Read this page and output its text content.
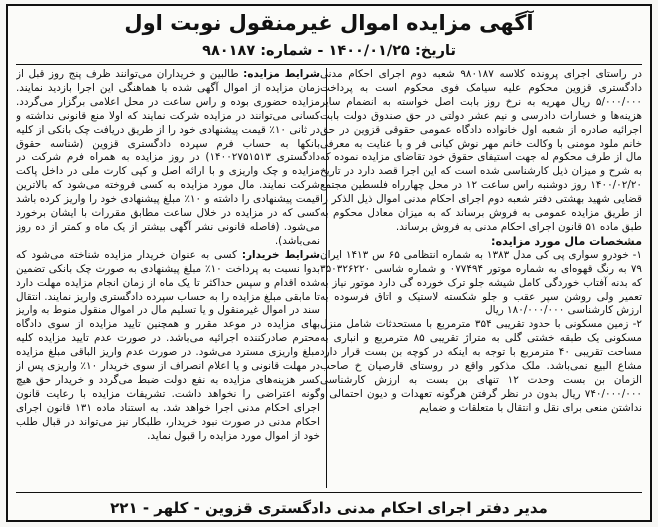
آگهی مزایده اموال غیرمنقول نوبت اول
تاریخ: ۱۴۰۰/۰۱/۲۵ - شماره: ۹۸۰۱۸۷

در راستای اجرای پرونده کلاسه ۹۸۰۱۸۷ شعبه دوم اجرای احکام مدنی دادگستری قزوین محکوم علیه سیامک فوی محکوم است به پرداخت ۵/۰۰۰/۰۰۰ ریال مهریه به نرخ روز بابت اصل خواسته به انضمام سایر هزینه‌ها و خسارات دادرسی و نیم عشر دولتی در حق صندوق دولت بابت اجرائیه صادره از شعبه اول خانواده دادگاه عمومی حقوقی قزوین در حق خانم ملود مومنی با وکالت خانم مهر نوش کیانی فر و با عنایت به معرفی مال از طرف محکوم له جهت استیفای حقوق خود تقاضای مزایده نموده که به شرح و میزان ذیل کارشناسی شده است که این اجرا قصد دارد در تاریخ ۱۴۰۰/۰۲/۲۰ روز دوشنبه راس ساعت ۱۲ در محل چهارراه فلسطین مجتمع قضایی شهید بهشتی دفتر شعبه دوم اجرای احکام مدنی اموال ذیل الذکر را از طریق مزایده عمومی به فروش برساند که به میزان معادل محکوم به طبق ماده ۵۱ قانون اجرای احکام مدنی به فروش برساند.

مشخصات مال مورد مزایده:

۱- خودرو سواری پی کی مدل ۱۳۸۳ به شماره انتظامی ۶۵ س ۱۴۱۳ ایران ۷۹ به رنگ قهوه‌ای به شماره موتور ۰۷۷۴۹۴ و شماره شاسی ۳۵۰۳۲۶۲۲۰ که بدنه آفتاب خوردگی کامل شیشه جلو ترک خورده گی دارد موتور نیاز به تعمیر ولی روشن سپر عقب و جلو شکسته لاستیک و اتاق فرسوده به ارزش کارشناسی ۱۸۰/۰۰۰/۰۰۰ ریال

۲- زمین مسکونی با حدود تقریبی ۳۵۴ مترمربع با مستحدثات شامل منزل مسکونی یک طبقه خشتی گلی به متراژ تقریبی ۸۵ مترمربع و انباری به مساحت تقریبی ۴۰ مترمربع با توجه به اینکه در کوچه بن بست قرار دارد مشاع البیع نمی‌باشد. ملک مذکور واقع در روستای قارصیان خ صاحب الزمان بن بست وحدت ۱۲ تنهای بن بست به ارزش کارشناسی ۷۴۰/۰۰۰/۰۰۰ ریال بدون در نظر گرفتن هرگونه تعهدات و دیون احتمالی و نداشتن منعی برای نقل و انتقال با متعلقات و ضمایم

شرایط مزایده: طالبین و خریداران می‌توانند ظرف پنج روز قبل از زمان مزایده از اموال آگهی شده با هماهنگی این اجرا بازدید نمایند. مزایده حضوری بوده و راس ساعت در محل اعلامی برگزار می‌گردد. کسانی می‌توانند در مزایده شرکت نمایند که اولا منع قانونی نداشته و در ثانی ۱۰٪ قیمت پیشنهادی خود را از طریق دریافت چک بانکی از کلیه بانکها به حساب فرم سپرده دادگستری قزوین (شناسه حقوق دادگستری ۱۴۰۰۲۷۵۱۵۱۳) در روز مزایده به همراه فرم شرکت در مزایده و چک واریزی و با ارائه اصل و کپی کارت ملی در داخل پاکت شرکت نمایند. مال مورد مزایده به کسی فروخته می‌شود که بالاترین قیمت پیشنهادی را داشته و ۱۰٪ مبلغ پیشنهادی خود را واریز کرده باشد کسی که در مزایده در خلال ساعت مطابق مقررات با ایشان برخورد می‌شود. (فاصله قانونی نشر آگهی بیشتر از یک ماه و کمتر از ده روز نمی‌باشد).

شرایط خریدار: کسی به عنوان خریدار مزایده شناخته می‌شود که بدوا نسبت به پرداخت ۱۰٪ مبلغ پیشنهادی به صورت چک بانکی تضمین شده اقدام و سپس حداکثر تا یک ماه از زمان انجام مزایده مهلت دارد تا مابقی مبلغ مزایده را به حساب سپرده دادگستری واریز نمایند. انتقال سند در اموال غیرمنقول و یا تسلیم مال در اموال منقول منوط به واریز بهای مزایده در موعد مقرر و همچنین تایید مزایده از سوی دادگاه محترم صادرکننده اجرائیه می‌باشد. در صورت عدم تایید مزایده کلیه مبلغ واریزی مسترد می‌شود. در صورت عدم واریز الباقی مبلغ مزایده در مهلت قانونی و یا اعلام انصراف از سوی خریدار ۱۰٪ واریزی پس از کسر هزینه‌های مزایده به نفع دولت ضبط می‌گردد و خریدار حق هیچ گونه اعتراضی را نخواهد داشت. تشریفات مزایده با رعایت قانون اجرای احکام مدنی اجرا خواهد شد. به استناد ماده ۱۳۱ قانون اجرای احکام مدنی در صورت نبود خریدار، طلبکار نیز می‌تواند در قبال طلب خود از اموال مورد مزایده را قبول نماید.

مدیر دفتر اجرای احکام مدنی دادگستری قزوین - کلهر - ۲۲۱
